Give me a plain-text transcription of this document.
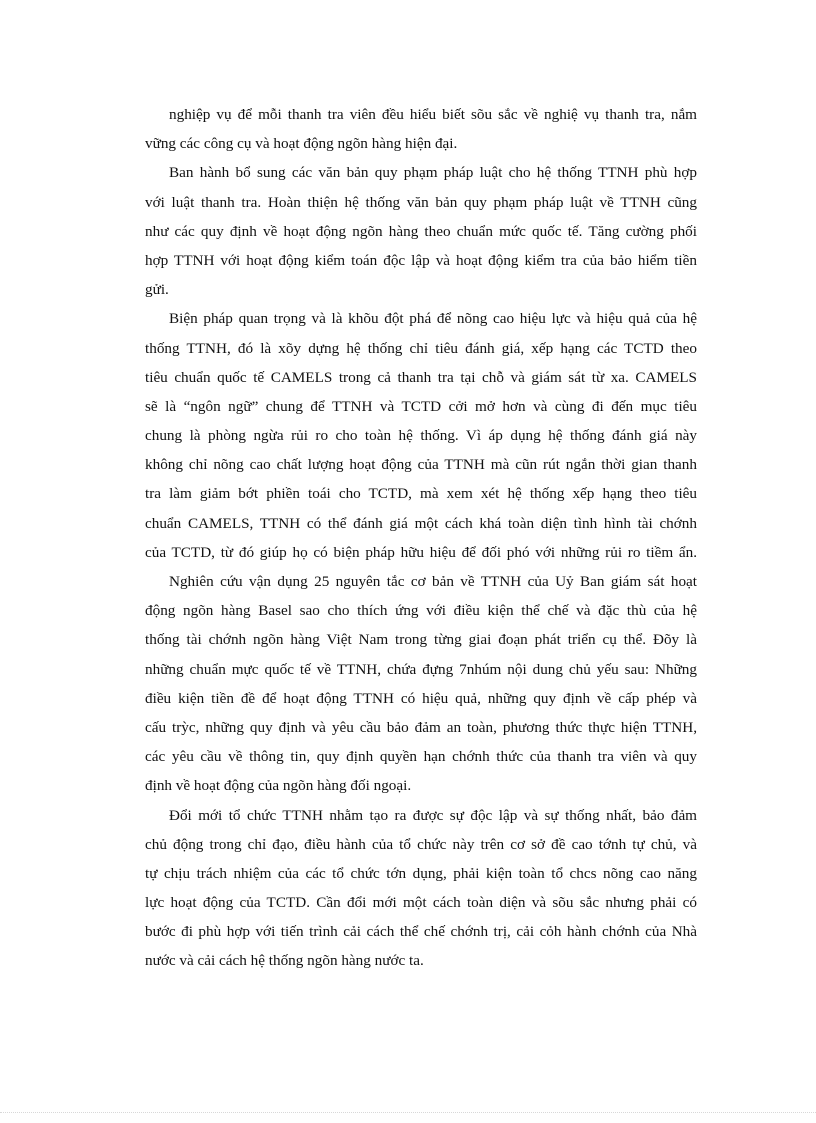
nghiệp vụ để mỗi thanh tra viên đều hiểu biết sõu sắc về nghiệ vụ thanh tra, nắm
vững các công cụ và hoạt động ngõn hàng hiện đại.
Ban hành bổ sung các văn bản quy phạm pháp luật cho hệ thống TTNH phù hợp
với luật thanh tra. Hoàn thiện hệ thống văn bản quy phạm pháp luật về TTNH cũng
như các quy định về hoạt động ngõn hàng theo chuẩn mức quốc tế. Tăng cường phối
hợp TTNH với hoạt động kiểm toán độc lập và hoạt động kiểm tra của bảo hiểm tiền
gửi.
Biện pháp quan trọng và là khõu đột phá để nõng cao hiệu lực và hiệu quả của hệ
thống TTNH, đó là xõy dựng hệ thống chỉ tiêu đánh giá, xếp hạng các TCTD theo
tiêu chuẩn quốc tế CAMELS trong cả thanh tra tại chỗ và giám sát từ xa. CAMELS
sẽ là “ngôn ngữ” chung để TTNH và TCTD cởi mở hơn và cùng đi đến mục tiêu
chung là phòng ngừa rủi ro cho toàn hệ thống. Vì áp dụng hệ thống đánh giá này
không chỉ nõng cao chất lượng hoạt động của TTNH mà cũn rút ngắn thời gian thanh
tra làm giảm bớt phiền toái cho TCTD, mà xem xét hệ thống xếp hạng theo tiêu
chuẩn CAMELS, TTNH có thể đánh giá một cách khá toàn diện tình hình tài chớnh
của TCTD, từ đó giúp họ có biện pháp hữu hiệu để đối phó với những rủi ro tiềm ẩn.
Nghiên cứu vận dụng 25 nguyên tắc cơ bản về TTNH của Uỷ Ban giám sát hoạt
động ngõn hàng Basel sao cho thích ứng với điều kiện thể chế và đặc thù của hệ
thống tài chớnh ngõn hàng Việt Nam trong từng giai đoạn phát triển cụ thể. Đõy là
những chuẩn mực quốc tế về TTNH, chứa đựng 7nhúm nội dung chủ yếu sau: Những
điều kiện tiền đề để hoạt động TTNH có hiệu quả, những quy định về cấp phép và
cấu trỳc, những quy định và yêu cầu bảo đảm an toàn, phương thức thực hiện TTNH,
các yêu cầu về thông tin, quy định quyền hạn chớnh thức của thanh tra viên và quy
định về hoạt động của ngõn hàng đối ngoại.
Đổi mới tổ chức TTNH nhằm tạo ra được sự độc lập và sự thống nhất, bảo đảm
chủ động trong chỉ đạo, điều hành của tổ chức này trên cơ sở đề cao tớnh tự chủ, và
tự chịu trách nhiệm của các tổ chức tớn dụng, phải kiện toàn tổ chcs nõng cao năng
lực hoạt động của TCTD. Cần đổi mới một cách toàn diện và sõu sắc nhưng phải có
bước đi phù hợp với tiến trình cải cách thể chế chớnh trị, cải cỏh hành chớnh của Nhà
nước và cải cách hệ thống ngõn hàng nước ta.
